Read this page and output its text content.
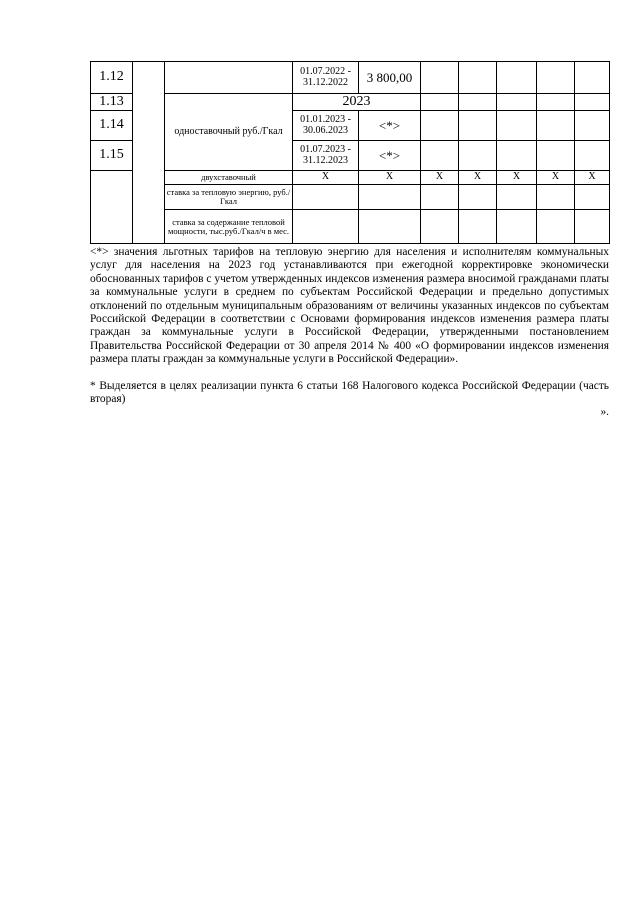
1.12			01.07.2022 - 31.12.2022	3 800,00					
1.13		одноставочный руб./Гкал	2023						
1.14			01.01.2023 - 30.06.2023	<*>					
1.15			01.07.2023 - 31.12.2023	<*>					
		двухставочный	X	X	X	X	X	X	X
		ставка за тепловую энергию, руб./Гкал							
		ставка за содержание тепловой мощности, тыс.руб./Гкал/ч в мес.							

<*> значения льготных тарифов на тепловую энергию для населения и исполнителям коммунальных услуг для населения на 2023 год устанавливаются при ежегодной корректировке экономически обоснованных тарифов с учетом утвержденных индексов изменения размера вносимой гражданами платы за коммунальные услуги в среднем по субъектам Российской Федерации и предельно допустимых отклонений по отдельным муниципальным образованиям от величины указанных индексов по субъектам Российской Федерации в соответствии с Основами формирования индексов изменения размера платы граждан за коммунальные услуги в Российской Федерации, утвержденными постановлением Правительства Российской Федерации от 30 апреля 2014 № 400 «О формировании индексов изменения размера платы граждан за коммунальные услуги в Российской Федерации».

* Выделяется в целях реализации пункта 6 статьи 168 Налогового кодекса Российской Федерации (часть вторая)

».
